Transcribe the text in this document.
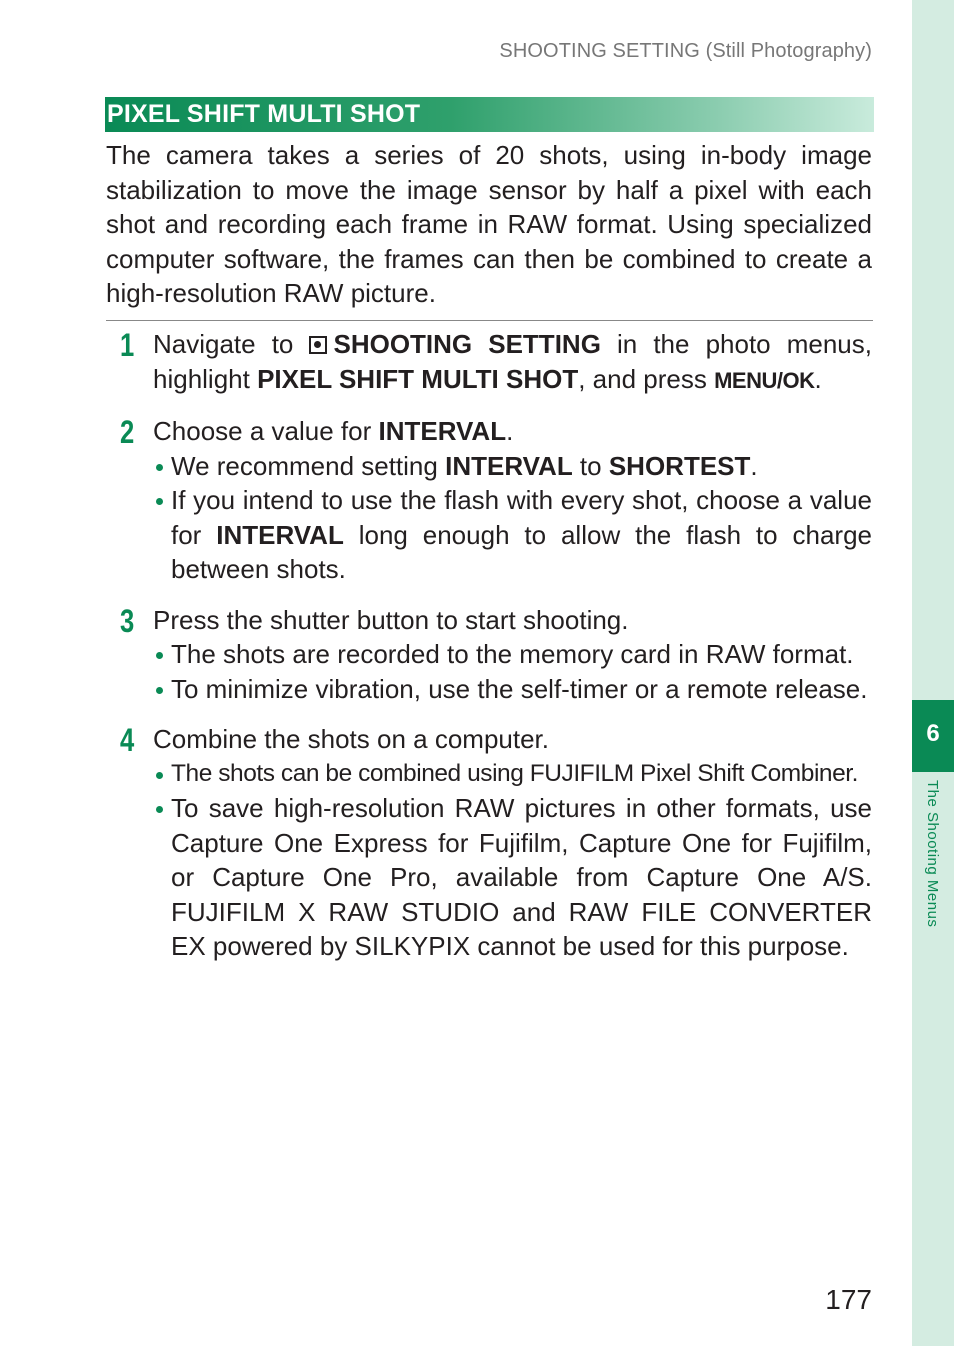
SHOOTING SETTING (Still Photography)
PIXEL SHIFT MULTI SHOT

The camera takes a series of 20 shots, using in-body image stabilization to move the image sensor by half a pixel with each shot and recording each frame in RAW format. Using specialized computer software, the frames can then be combined to create a high-resolution RAW picture.

1 Navigate to SHOOTING SETTING in the photo menus, highlight PIXEL SHIFT MULTI SHOT, and press MENU/OK.

2 Choose a value for INTERVAL.

We recommend setting INTERVAL to SHORTEST.
If you intend to use the flash with every shot, choose a value for INTERVAL long enough to allow the flash to charge between shots.
3 Press the shutter button to start shooting.

The shots are recorded to the memory card in RAW format.
To minimize vibration, use the self-timer or a remote release.
4 Combine the shots on a computer.

The shots can be combined using FUJIFILM Pixel Shift Combiner.
To save high-resolution RAW pictures in other formats, use Capture One Express for Fujifilm, Capture One for Fujifilm, or Capture One Pro, available from Capture One A/S. FUJIFILM X RAW STUDIO and RAW FILE CONVERTER EX powered by SILKYPIX cannot be used for this purpose.
6
The Shooting Menus
177
